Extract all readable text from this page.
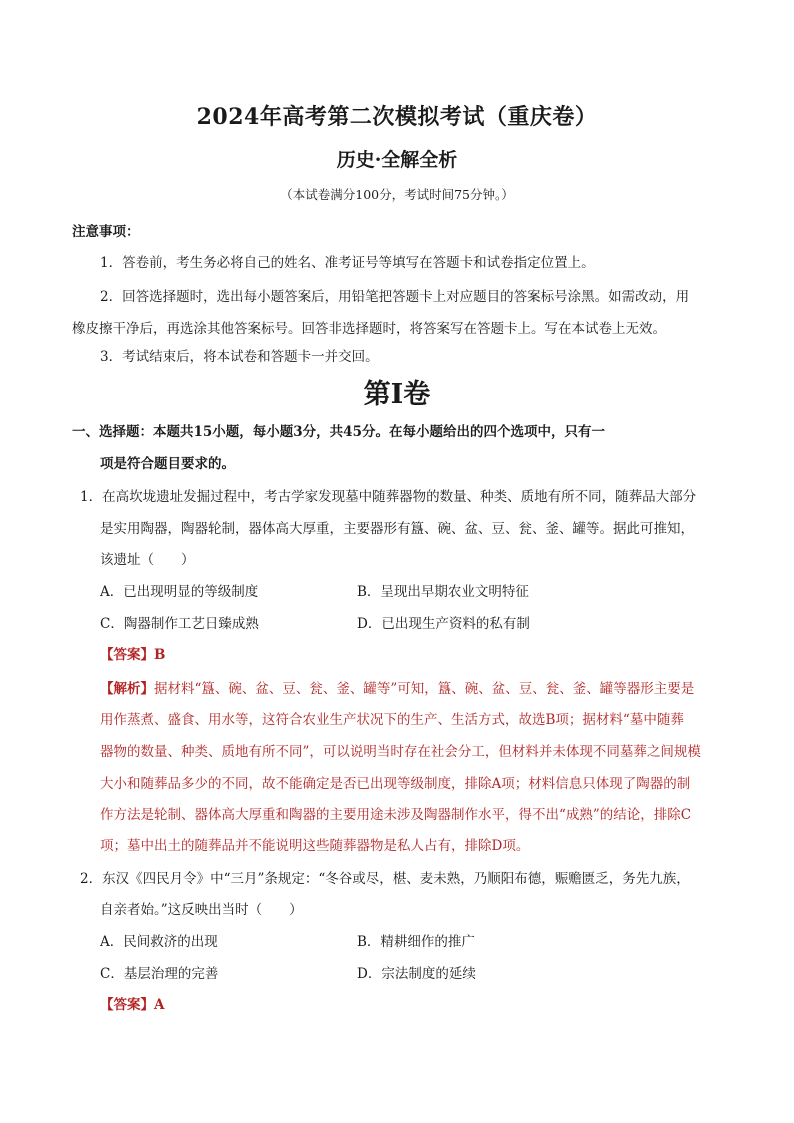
2024年高考第二次模拟考试（重庆卷）
历史·全解全析
（本试卷满分100分，考试时间75分钟。）
注意事项：
1．答卷前，考生务必将自己的姓名、准考证号等填写在答题卡和试卷指定位置上。
2．回答选择题时，选出每小题答案后，用铅笔把答题卡上对应题目的答案标号涂黑。如需改动，用
橡皮擦干净后，再选涂其他答案标号。回答非选择题时，将答案写在答题卡上。写在本试卷上无效。
3．考试结束后，将本试卷和答题卡一并交回。
第Ⅰ卷
一、选择题：本题共15小题，每小题3分，共45分。在每小题给出的四个选项中，只有一
项是符合题目要求的。
1．在高坎垅遗址发掘过程中，考古学家发现墓中随葬器物的数量、种类、质地有所不同，随葬品大部分
是实用陶器，陶器轮制，器体高大厚重，主要器形有簋、碗、盆、豆、瓮、釜、罐等。据此可推知，
该遗址（　　）
A．已出现明显的等级制度	B．呈现出早期农业文明特征
C．陶器制作工艺日臻成熟	D．已出现生产资料的私有制
【答案】B
【解析】据材料“簋、碗、盆、豆、瓮、釜、罐等”可知，簋、碗、盆、豆、瓮、釜、罐等器形主要是
用作蒸煮、盛食、用水等，这符合农业生产状况下的生产、生活方式，故选B项；据材料“墓中随葬
器物的数量、种类、质地有所不同”，可以说明当时存在社会分工，但材料并未体现不同墓葬之间规模
大小和随葬品多少的不同，故不能确定是否已出现等级制度，排除A项；材料信息只体现了陶器的制
作方法是轮制、器体高大厚重和陶器的主要用途未涉及陶器制作水平，得不出“成熟”的结论，排除C
项；墓中出土的随葬品并不能说明这些随葬器物是私人占有，排除D项。
2．东汉《四民月令》中“三月”条规定：“冬谷或尽，椹、麦未熟，乃顺阳布德，赈赡匮乏，务先九族，
自亲者始。”这反映出当时（　　）
A．民间救济的出现	B．精耕细作的推广
C．基层治理的完善	D．宗法制度的延续
【答案】A
